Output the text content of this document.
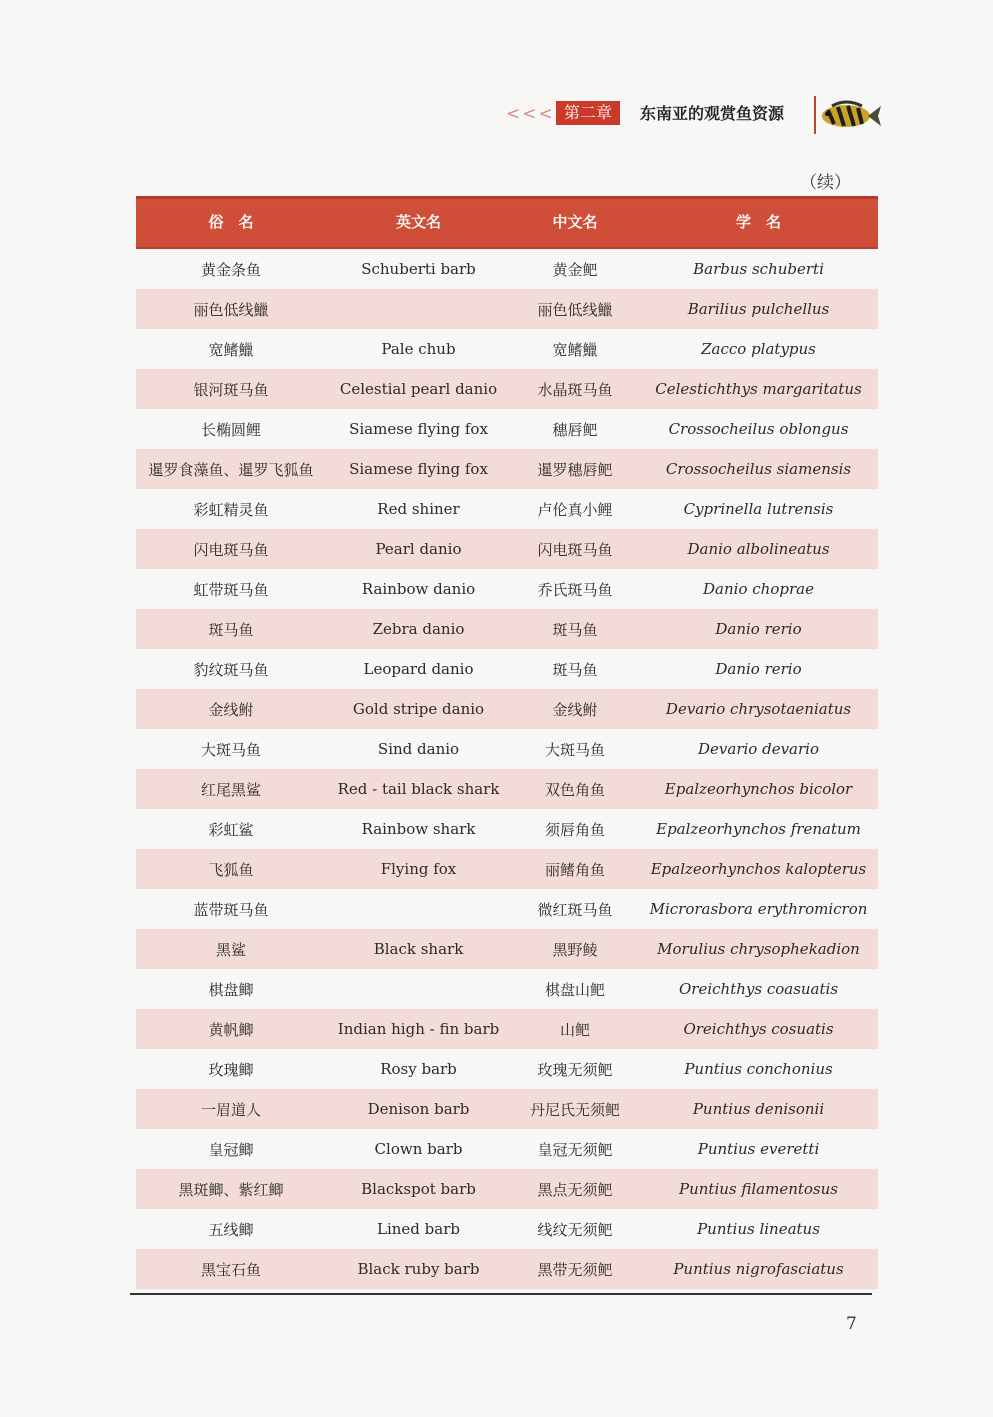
<<< 第二章	东南亚的观赏鱼资源
（续）
俗　名	英文名	中文名	学　名
黄金条鱼	Schuberti barb	黄金鲃	Barbus schuberti
丽色低线鱲		丽色低线鱲	Barilius pulchellus
宽鳍鱲	Pale chub	宽鳍鱲	Zacco platypus
银河斑马鱼	Celestial pearl danio	水晶斑马鱼	Celestichthys margaritatus
长椭圆鲤	Siamese flying fox	穗唇鲃	Crossocheilus oblongus
暹罗食藻鱼、暹罗飞狐鱼	Siamese flying fox	暹罗穗唇鲃	Crossocheilus siamensis
彩虹精灵鱼	Red shiner	卢伦真小鲤	Cyprinella lutrensis
闪电斑马鱼	Pearl danio	闪电斑马鱼	Danio albolineatus
虹带斑马鱼	Rainbow danio	乔氏斑马鱼	Danio choprae
斑马鱼	Zebra danio	斑马鱼	Danio rerio
豹纹斑马鱼	Leopard danio	斑马鱼	Danio rerio
金线鲋	Gold stripe danio	金线鲋	Devario chrysotaeniatus
大斑马鱼	Sind danio	大斑马鱼	Devario devario
红尾黑鲨	Red - tail black shark	双色角鱼	Epalzeorhynchos bicolor
彩虹鲨	Rainbow shark	须唇角鱼	Epalzeorhynchos frenatum
飞狐鱼	Flying fox	丽鳍角鱼	Epalzeorhynchos kalopterus
蓝带斑马鱼		微红斑马鱼	Microrasbora erythromicron
黑鲨	Black shark	黑野鲮	Morulius chrysophekadion
棋盘鲫		棋盘山鲃	Oreichthys coasuatis
黄帆鲫	Indian high - fin barb	山鲃	Oreichthys cosuatis
玫瑰鲫	Rosy barb	玫瑰无须鲃	Puntius conchonius
一眉道人	Denison barb	丹尼氏无须鲃	Puntius denisonii
皇冠鲫	Clown barb	皇冠无须鲃	Puntius everetti
黑斑鲫、紫红鲫	Blackspot barb	黑点无须鲃	Puntius filamentosus
五线鲫	Lined barb	线纹无须鲃	Puntius lineatus
黑宝石鱼	Black ruby barb	黑带无须鲃	Puntius nigrofasciatus
7
